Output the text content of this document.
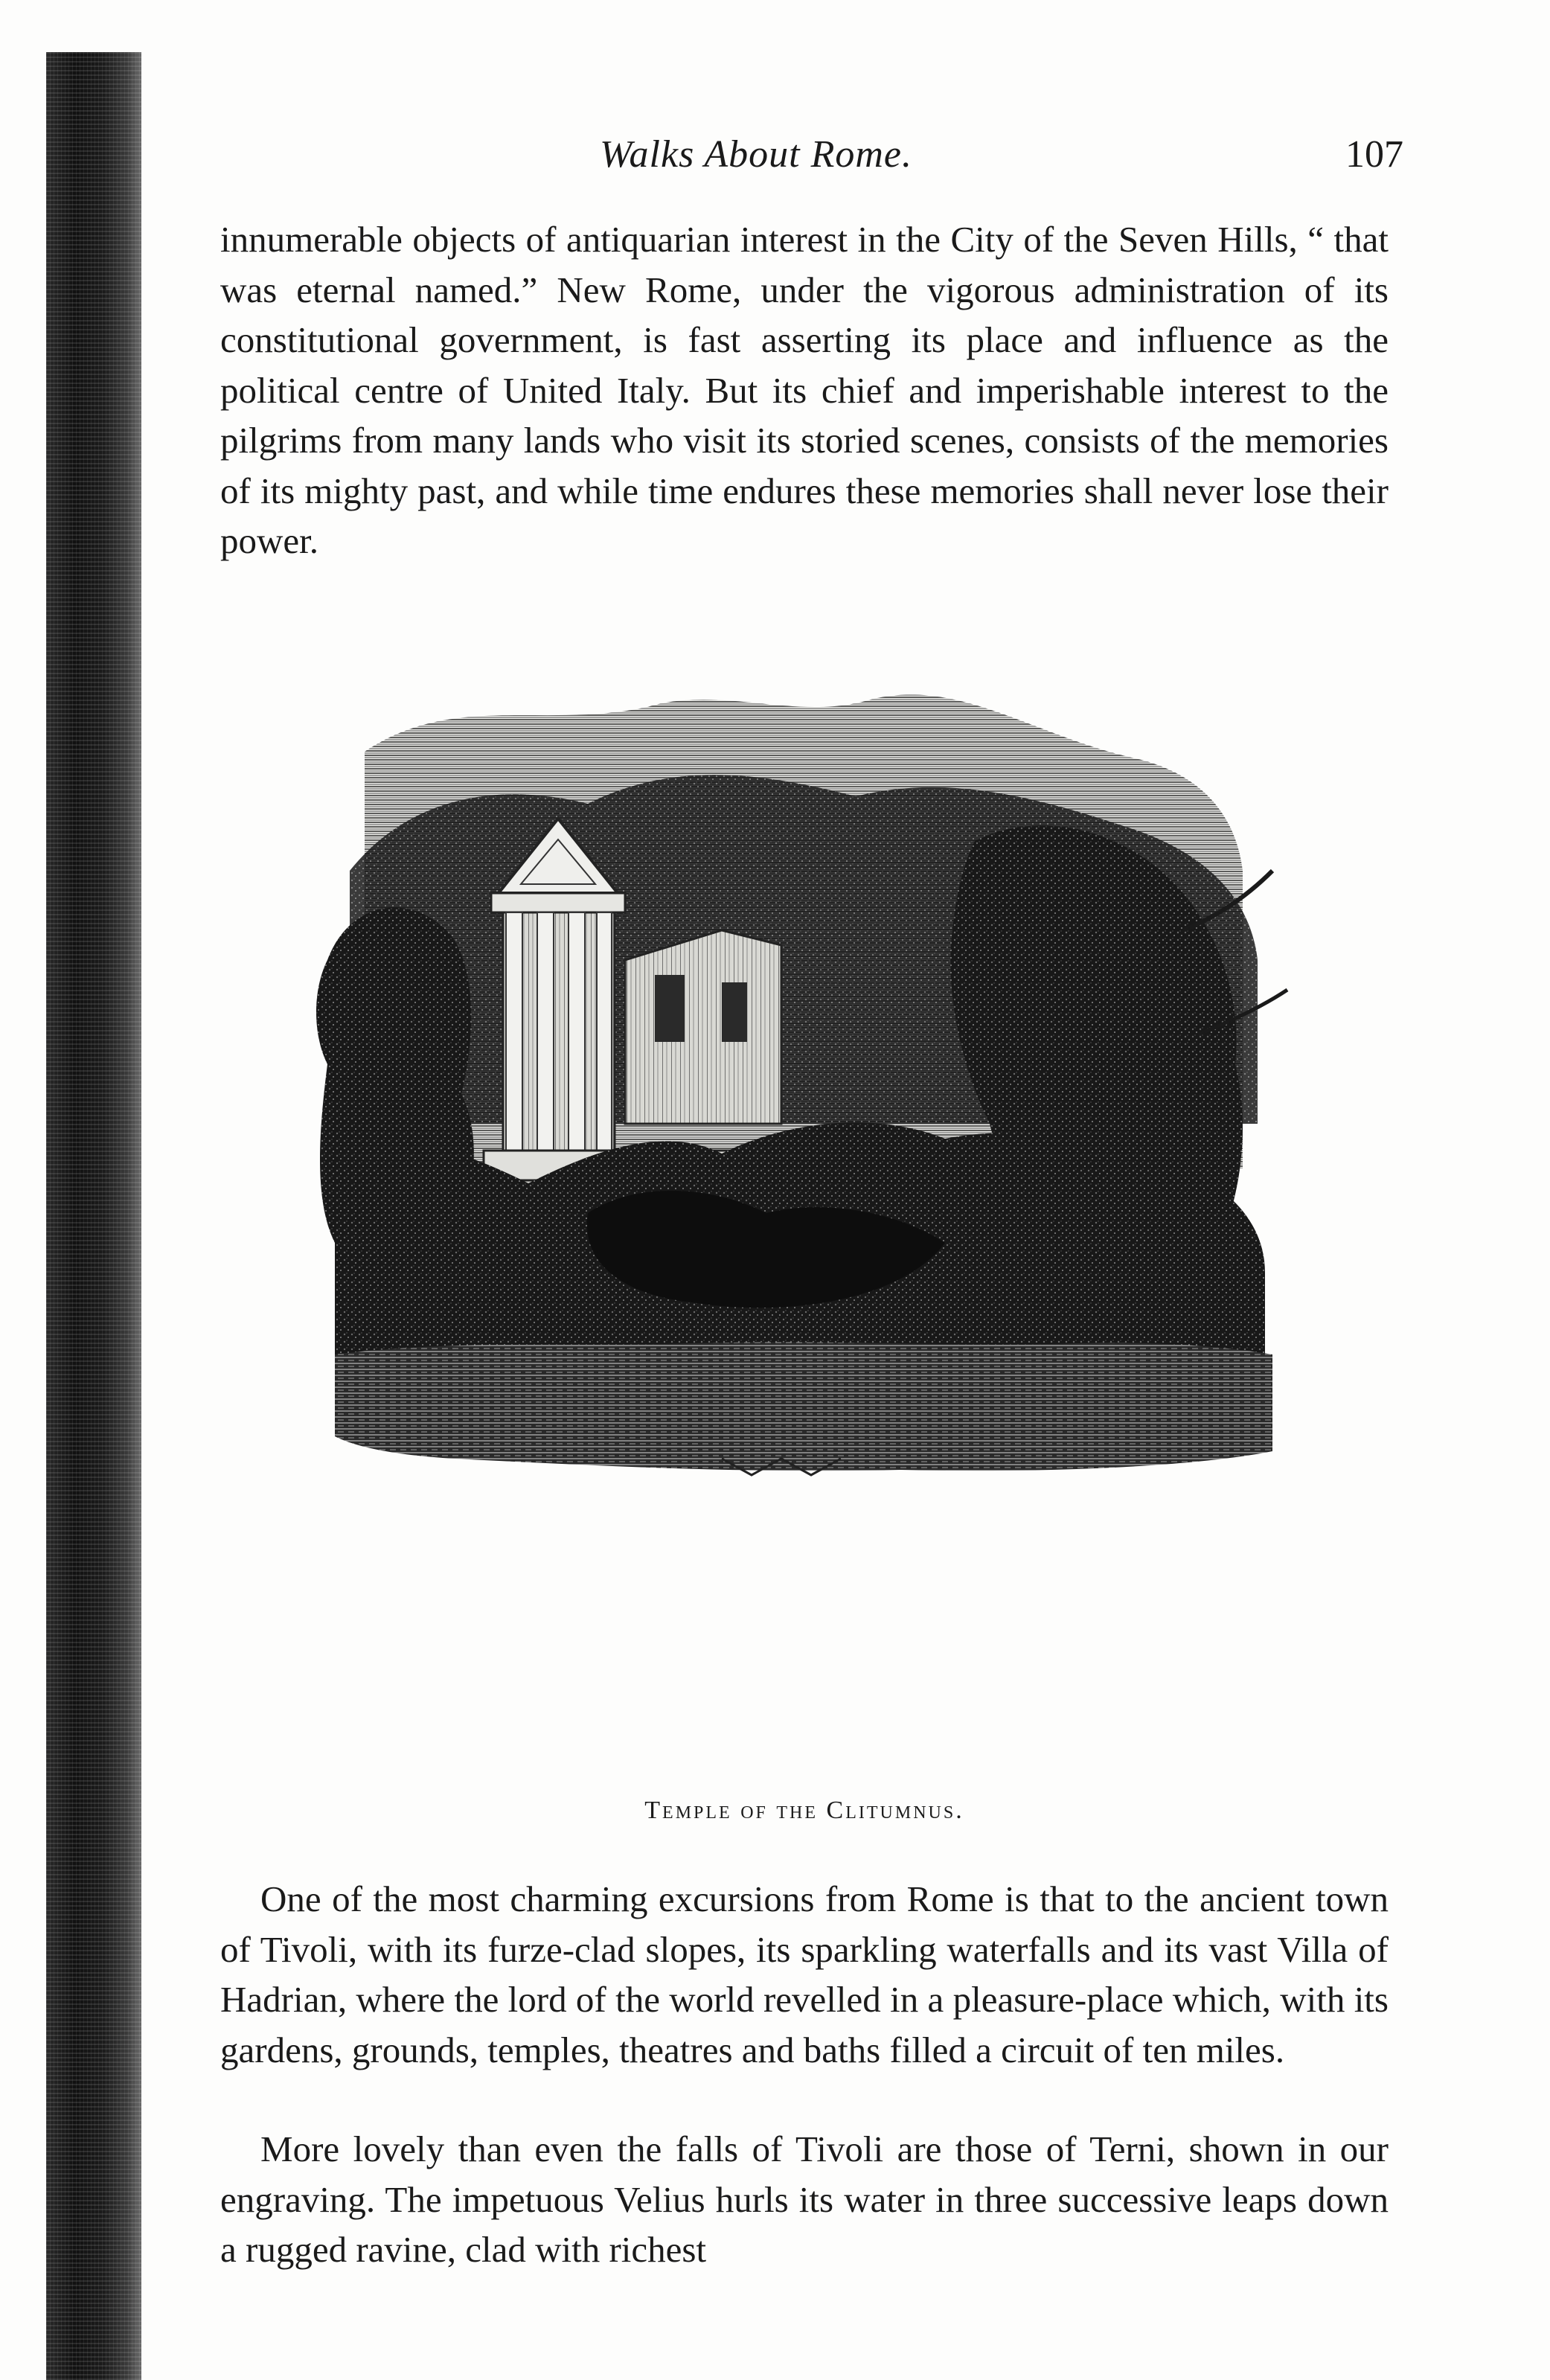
Walks About Rome.	107

innumerable objects of antiquarian interest in the City of the Seven Hills, “ that was eternal named.” New Rome, under the vigorous administration of its constitutional government, is fast asserting its place and influence as the political centre of United Italy. But its chief and imperishable interest to the pilgrims from many lands who visit its storied scenes, consists of the memories of its mighty past, and while time endures these memories shall never lose their power.

Temple of the Clitumnus.

One of the most charming excursions from Rome is that to the ancient town of Tivoli, with its furze-clad slopes, its sparkling waterfalls and its vast Villa of Hadrian, where the lord of the world revelled in a pleasure-place which, with its gardens, grounds, temples, theatres and baths filled a circuit of ten miles.

More lovely than even the falls of Tivoli are those of Terni, shown in our engraving. The impetuous Velius hurls its water in three successive leaps down a rugged ravine, clad with richest
